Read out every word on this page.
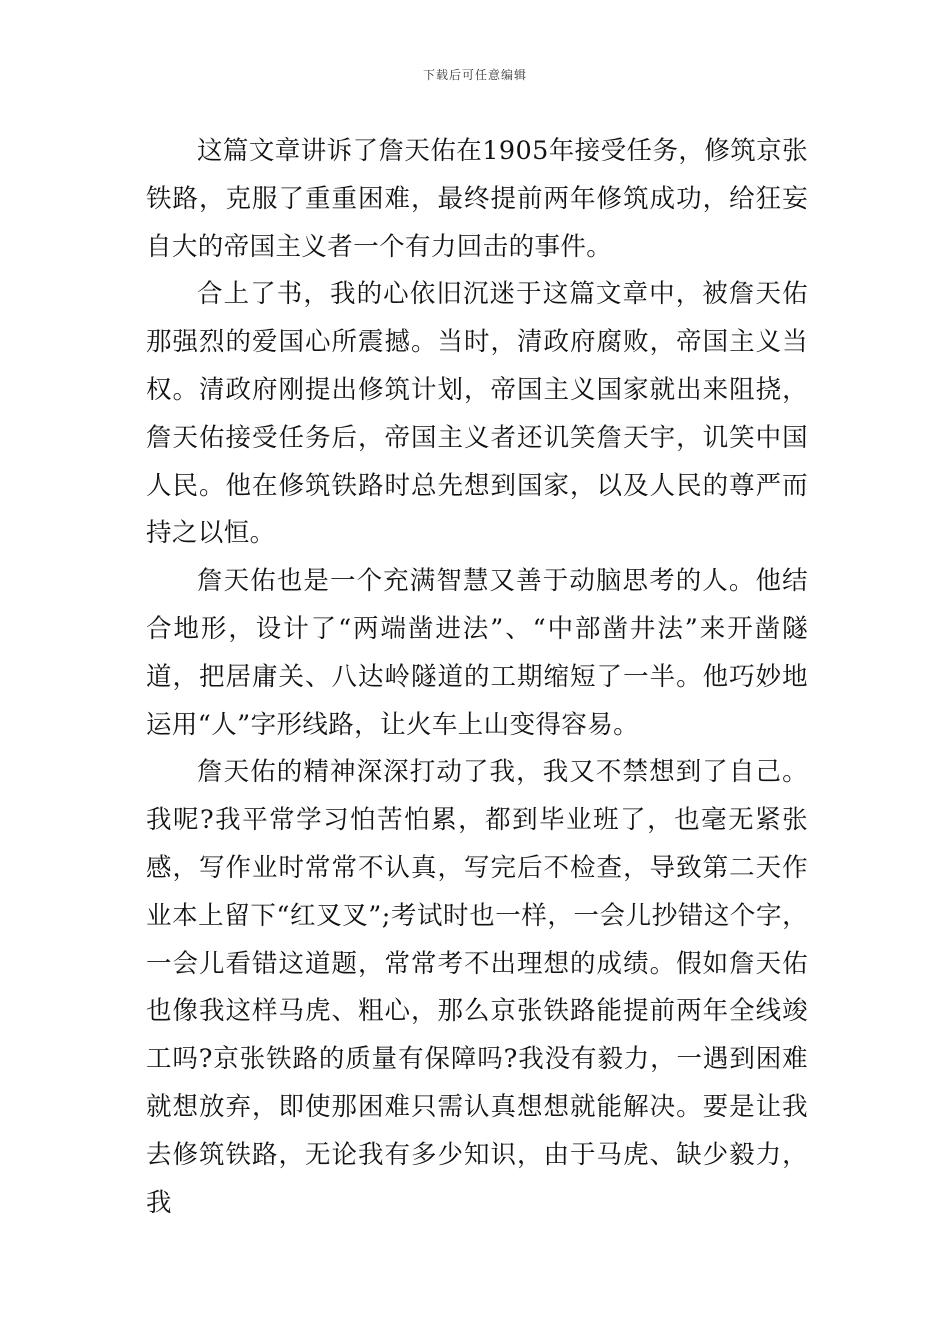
下载后可任意编辑

这篇文章讲诉了詹天佑在1905年接受任务，修筑京张铁路，克服了重重困难，最终提前两年修筑成功，给狂妄自大的帝国主义者一个有力回击的事件。

合上了书，我的心依旧沉迷于这篇文章中，被詹天佑那强烈的爱国心所震撼。当时，清政府腐败，帝国主义当权。清政府刚提出修筑计划，帝国主义国家就出来阻挠，詹天佑接受任务后，帝国主义者还讥笑詹天宇，讥笑中国人民。他在修筑铁路时总先想到国家，以及人民的尊严而持之以恒。

詹天佑也是一个充满智慧又善于动脑思考的人。他结合地形，设计了“两端凿进法”、“中部凿井法”来开凿隧道，把居庸关、八达岭隧道的工期缩短了一半。他巧妙地运用“人”字形线路，让火车上山变得容易。

詹天佑的精神深深打动了我，我又不禁想到了自己。我呢?我平常学习怕苦怕累，都到毕业班了，也毫无紧张感，写作业时常常不认真，写完后不检查，导致第二天作业本上留下“红叉叉”;考试时也一样，一会儿抄错这个字，一会儿看错这道题，常常考不出理想的成绩。假如詹天佑也像我这样马虎、粗心，那么京张铁路能提前两年全线竣工吗?京张铁路的质量有保障吗?我没有毅力，一遇到困难就想放弃，即使那困难只需认真想想就能解决。要是让我去修筑铁路，无论我有多少知识，由于马虎、缺少毅力，我
